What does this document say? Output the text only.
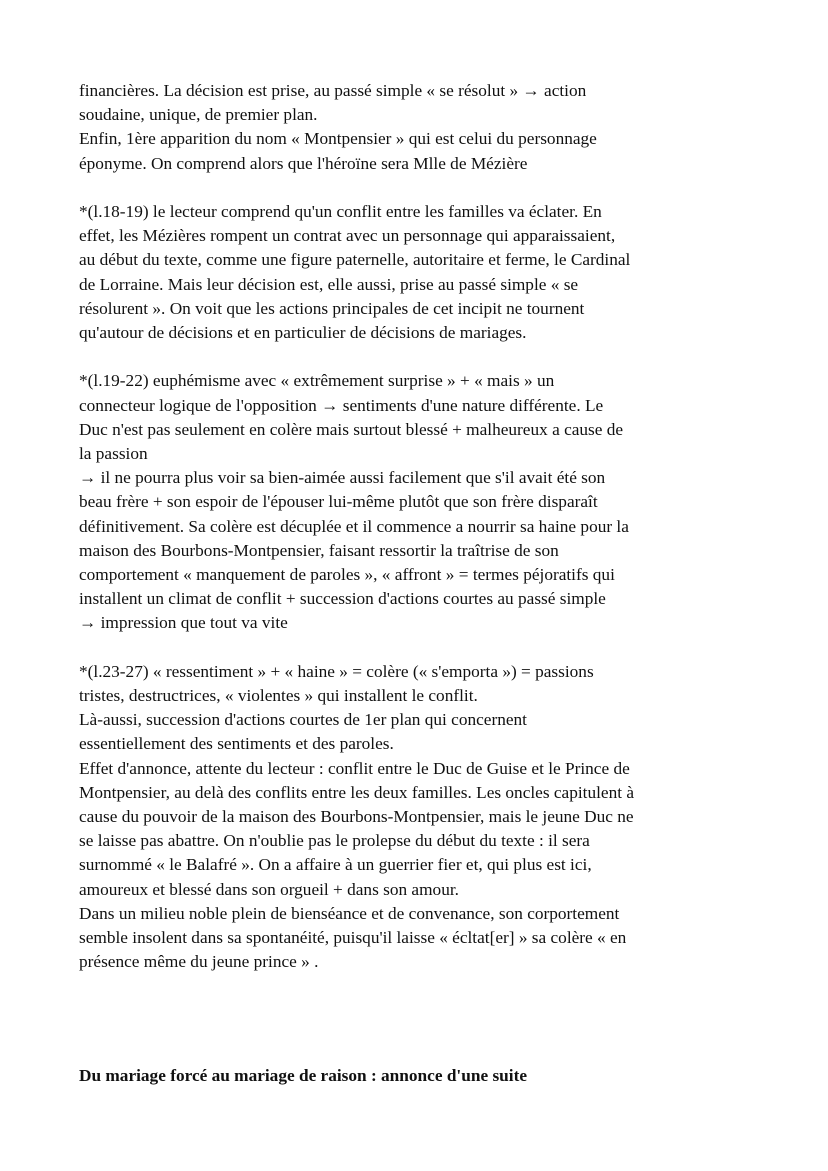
financières. La décision est prise, au passé simple « se résolut » → action
soudaine, unique, de premier plan.
Enfin, 1ère apparition du nom « Montpensier » qui est celui du personnage
éponyme. On comprend alors que l'héroïne sera Mlle de Mézière
*(l.18-19) le lecteur comprend qu'un conflit entre les familles va éclater. En
effet, les Mézières rompent un contrat avec un personnage qui apparaissaient,
au début du texte, comme une figure paternelle, autoritaire et ferme, le Cardinal
de Lorraine. Mais leur décision est, elle aussi, prise au passé simple « se
résolurent ». On voit que les actions principales de cet incipit ne tournent
qu'autour de décisions et en particulier de décisions de mariages.
*(l.19-22) euphémisme avec « extrêmement surprise » + « mais » un
connecteur logique de l'opposition → sentiments d'une nature différente. Le
Duc n'est pas seulement en colère mais surtout blessé + malheureux a cause de
la passion
→ il ne pourra plus voir sa bien-aimée aussi facilement que s'il avait été son
beau frère + son espoir de l'épouser lui-même plutôt que son frère disparaît
définitivement. Sa colère est décuplée et il commence a nourrir sa haine pour la
maison des Bourbons-Montpensier, faisant ressortir la traîtrise de son
comportement « manquement de paroles », « affront » = termes péjoratifs qui
installent un climat de conflit + succession d'actions courtes au passé simple
→ impression que tout va vite
*(l.23-27) « ressentiment » + « haine » = colère (« s'emporta ») = passions
tristes, destructrices, « violentes » qui installent le conflit.
Là-aussi, succession d'actions courtes de 1er plan qui concernent
essentiellement des sentiments et des paroles.
Effet d'annonce, attente du lecteur : conflit entre le Duc de Guise et le Prince de
Montpensier, au delà des conflits entre les deux familles. Les oncles capitulent à
cause du pouvoir de la maison des Bourbons-Montpensier, mais le jeune Duc ne
se laisse pas abattre. On n'oublie pas le prolepse du début du texte : il sera
surnommé « le Balafré ». On a affaire à un guerrier fier et, qui plus est ici,
amoureux et blessé dans son orgueil + dans son amour.
Dans un milieu noble plein de bienséance et de convenance, son corportement
semble insolent dans sa spontanéité, puisqu'il laisse « écltat[er] » sa colère « en
présence même du jeune prince » .
Du mariage forcé au mariage de raison : annonce d'une suite
